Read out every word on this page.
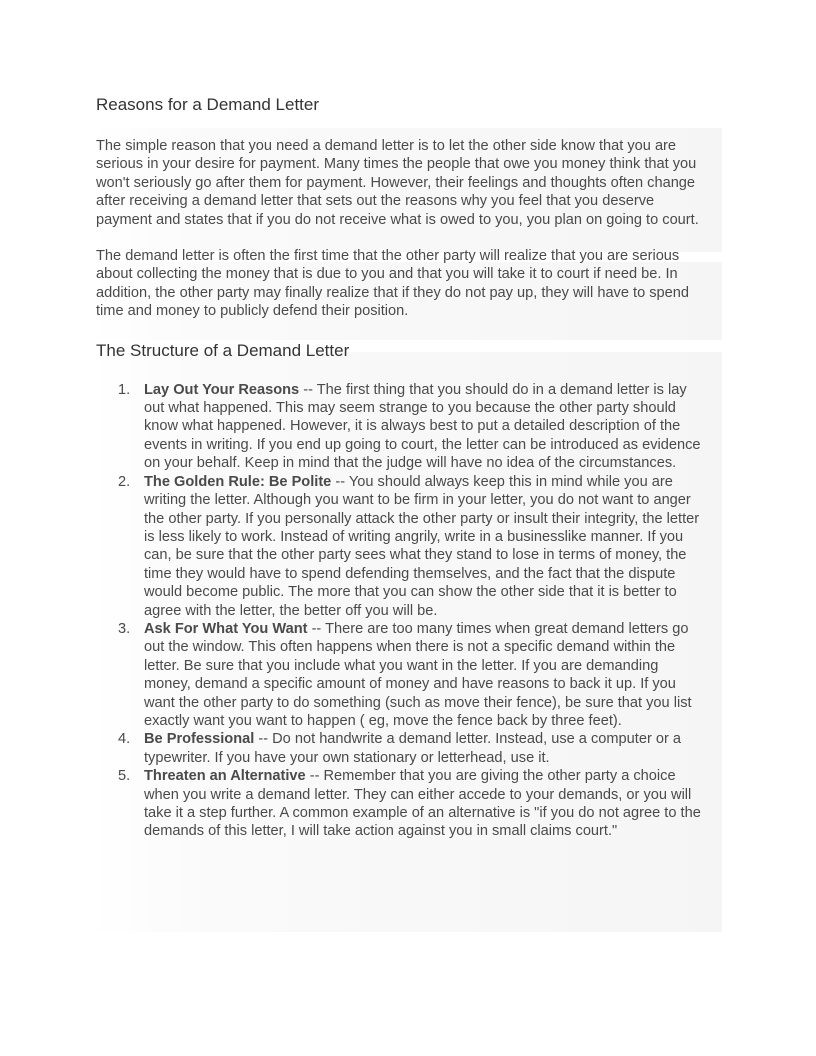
Reasons for a Demand Letter

The simple reason that you need a demand letter is to let the other side know that you are serious in your desire for payment. Many times the people that owe you money think that you won't seriously go after them for payment. However, their feelings and thoughts often change after receiving a demand letter that sets out the reasons why you feel that you deserve payment and states that if you do not receive what is owed to you, you plan on going to court.

The demand letter is often the first time that the other party will realize that you are serious about collecting the money that is due to you and that you will take it to court if need be. In addition, the other party may finally realize that if they do not pay up, they will have to spend time and money to publicly defend their position.

The Structure of a Demand Letter
1. Lay Out Your Reasons -- The first thing that you should do in a demand letter is lay out what happened. This may seem strange to you because the other party should know what happened. However, it is always best to put a detailed description of the events in writing. If you end up going to court, the letter can be introduced as evidence on your behalf. Keep in mind that the judge will have no idea of the circumstances.
2. The Golden Rule: Be Polite -- You should always keep this in mind while you are writing the letter. Although you want to be firm in your letter, you do not want to anger the other party. If you personally attack the other party or insult their integrity, the letter is less likely to work. Instead of writing angrily, write in a businesslike manner. If you can, be sure that the other party sees what they stand to lose in terms of money, the time they would have to spend defending themselves, and the fact that the dispute would become public. The more that you can show the other side that it is better to agree with the letter, the better off you will be.
3. Ask For What You Want -- There are too many times when great demand letters go out the window. This often happens when there is not a specific demand within the letter. Be sure that you include what you want in the letter. If you are demanding money, demand a specific amount of money and have reasons to back it up. If you want the other party to do something (such as move their fence), be sure that you list exactly want you want to happen ( eg, move the fence back by three feet).
4. Be Professional -- Do not handwrite a demand letter. Instead, use a computer or a typewriter. If you have your own stationary or letterhead, use it.
5. Threaten an Alternative -- Remember that you are giving the other party a choice when you write a demand letter. They can either accede to your demands, or you will take it a step further. A common example of an alternative is "if you do not agree to the demands of this letter, I will take action against you in small claims court."
